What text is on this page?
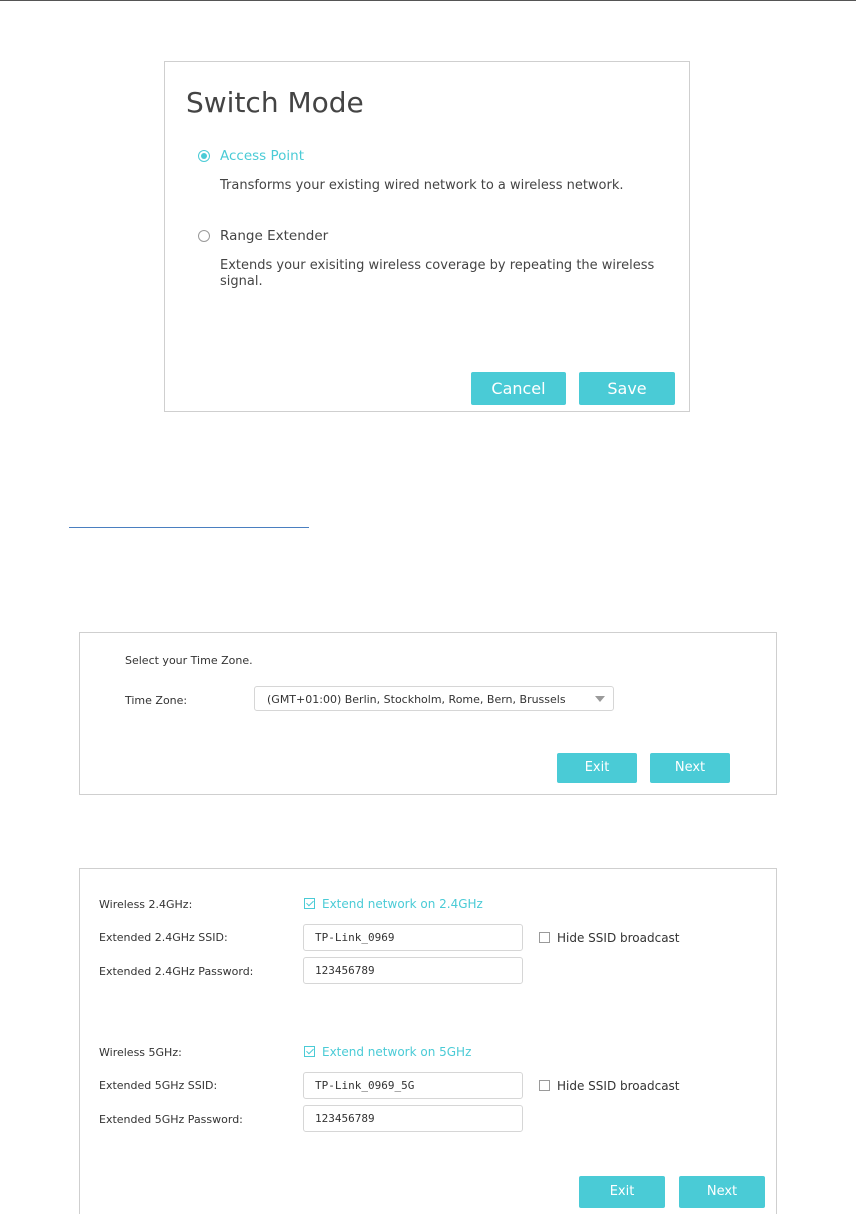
Switch Mode
Access Point
Transforms your existing wired network to a wireless network.
Range Extender
Extends your exisiting wireless coverage by repeating the wireless signal.
Cancel	Save
Select your Time Zone.
Time Zone:	(GMT+01:00) Berlin, Stockholm, Rome, Bern, Brussels
Exit	Next
Wireless 2.4GHz:	Extend network on 2.4GHz
Extended 2.4GHz SSID:
TP-Link_0969	Hide SSID broadcast
Extended 2.4GHz Password:
123456789
Wireless 5GHz:	Extend network on 5GHz
Extended 5GHz SSID:
TP-Link_0969_5G	Hide SSID broadcast
Extended 5GHz Password:
123456789
Exit	Next
